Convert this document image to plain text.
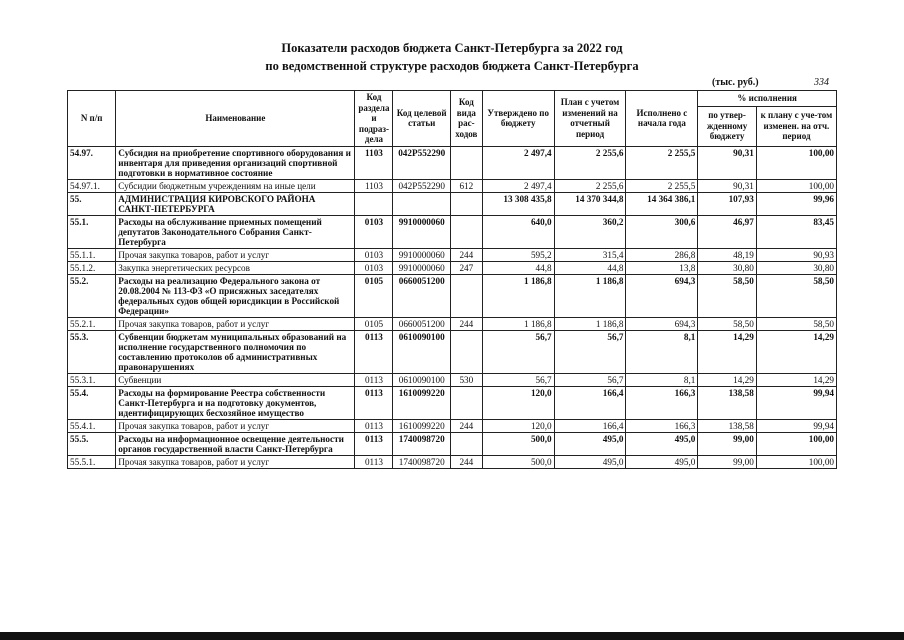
Показатели расходов бюджета Санкт-Петербурга за 2022 год
по ведомственной структуре расходов бюджета Санкт-Петербурга
(тыс. руб.)	334
N п/п	Наименование	Код раздела и подраз-дела	Код целевой статьи	Код вида рас-ходов	Утверждено по бюджету	План с учетом изменений на отчетный период	Исполнено с начала года	% исполнения	
								по утвер-жденному бюджету	к плану с уче-том изменен. на отч. период
54.97.	Субсидия на приобретение спортивного оборудования и инвентаря для приведения организаций спортивной подготовки в нормативное состояние	1103	042P552290		2 497,4	2 255,6	2 255,5	90,31	100,00
54.97.1.	Субсидии бюджетным учреждениям на иные цели	1103	042P552290	612	2 497,4	2 255,6	2 255,5	90,31	100,00
55.	АДМИНИСТРАЦИЯ КИРОВСКОГО РАЙОНА САНКТ-ПЕТЕРБУРГА				13 308 435,8	14 370 344,8	14 364 386,1	107,93	99,96
55.1.	Расходы на обслуживание приемных помещений депутатов Законодательного Собрания Санкт-Петербурга	0103	9910000060		640,0	360,2	300,6	46,97	83,45
55.1.1.	Прочая закупка товаров, работ и услуг	0103	9910000060	244	595,2	315,4	286,8	48,19	90,93
55.1.2.	Закупка энергетических ресурсов	0103	9910000060	247	44,8	44,8	13,8	30,80	30,80
55.2.	Расходы на реализацию Федерального закона от 20.08.2004 № 113-ФЗ «О присяжных заседателях федеральных судов общей юрисдикции в Российской Федерации»	0105	0660051200		1 186,8	1 186,8	694,3	58,50	58,50
55.2.1.	Прочая закупка товаров, работ и услуг	0105	0660051200	244	1 186,8	1 186,8	694,3	58,50	58,50
55.3.	Субвенции бюджетам муниципальных образований на исполнение государственного полномочия по составлению протоколов об административных правонарушениях	0113	0610090100		56,7	56,7	8,1	14,29	14,29
55.3.1.	Субвенции	0113	0610090100	530	56,7	56,7	8,1	14,29	14,29
55.4.	Расходы на формирование Реестра собственности Санкт-Петербурга и на подготовку документов, идентифицирующих бесхозяйное имущество	0113	1610099220		120,0	166,4	166,3	138,58	99,94
55.4.1.	Прочая закупка товаров, работ и услуг	0113	1610099220	244	120,0	166,4	166,3	138,58	99,94
55.5.	Расходы на информационное освещение деятельности органов государственной власти Санкт-Петербурга	0113	1740098720		500,0	495,0	495,0	99,00	100,00
55.5.1.	Прочая закупка товаров, работ и услуг	0113	1740098720	244	500,0	495,0	495,0	99,00	100,00
